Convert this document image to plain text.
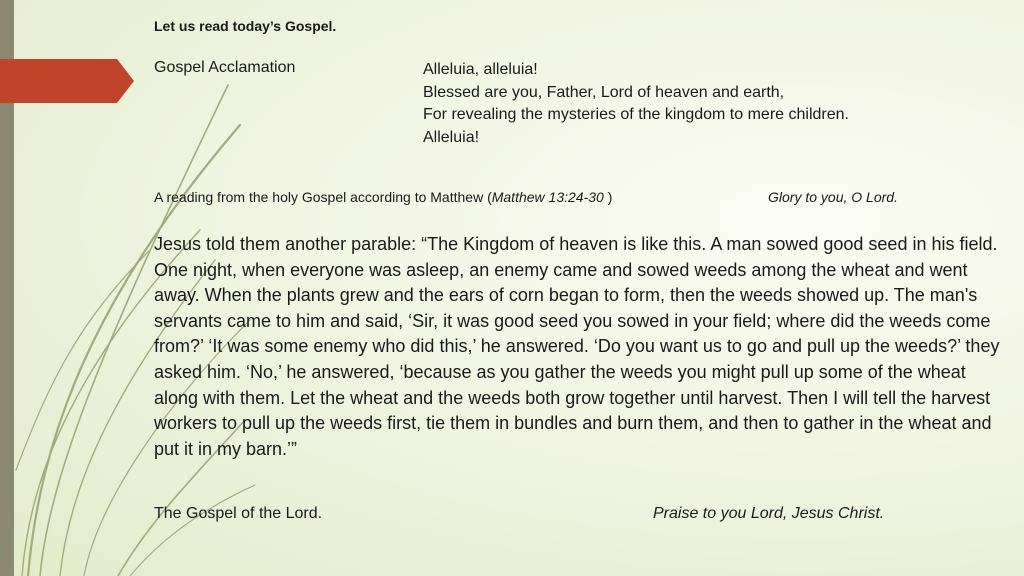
Let us read today’s Gospel.

Gospel Acclamation	Alleluia, alleluia!
Blessed are you, Father, Lord of heaven and earth,
For revealing the mysteries of the kingdom to mere children.
Alleluia!

A reading from the holy Gospel according to Matthew (Matthew 13:24-30 )	Glory to you, O Lord.

Jesus told them another parable: “The Kingdom of heaven is like this. A man sowed good seed in his field. One night, when everyone was asleep, an enemy came and sowed weeds among the wheat and went away. When the plants grew and the ears of corn began to form, then the weeds showed up. The man's servants came to him and said, ‘Sir, it was good seed you sowed in your field; where did the weeds come from?’ ‘It was some enemy who did this,’ he answered. ‘Do you want us to go and pull up the weeds?’ they asked him. ‘No,’ he answered, ‘because as you gather the weeds you might pull up some of the wheat along with them. Let the wheat and the weeds both grow together until harvest. Then I will tell the harvest workers to pull up the weeds first, tie them in bundles and burn them, and then to gather in the wheat and put it in my barn.’”

The Gospel of the Lord.	Praise to you Lord, Jesus Christ.
